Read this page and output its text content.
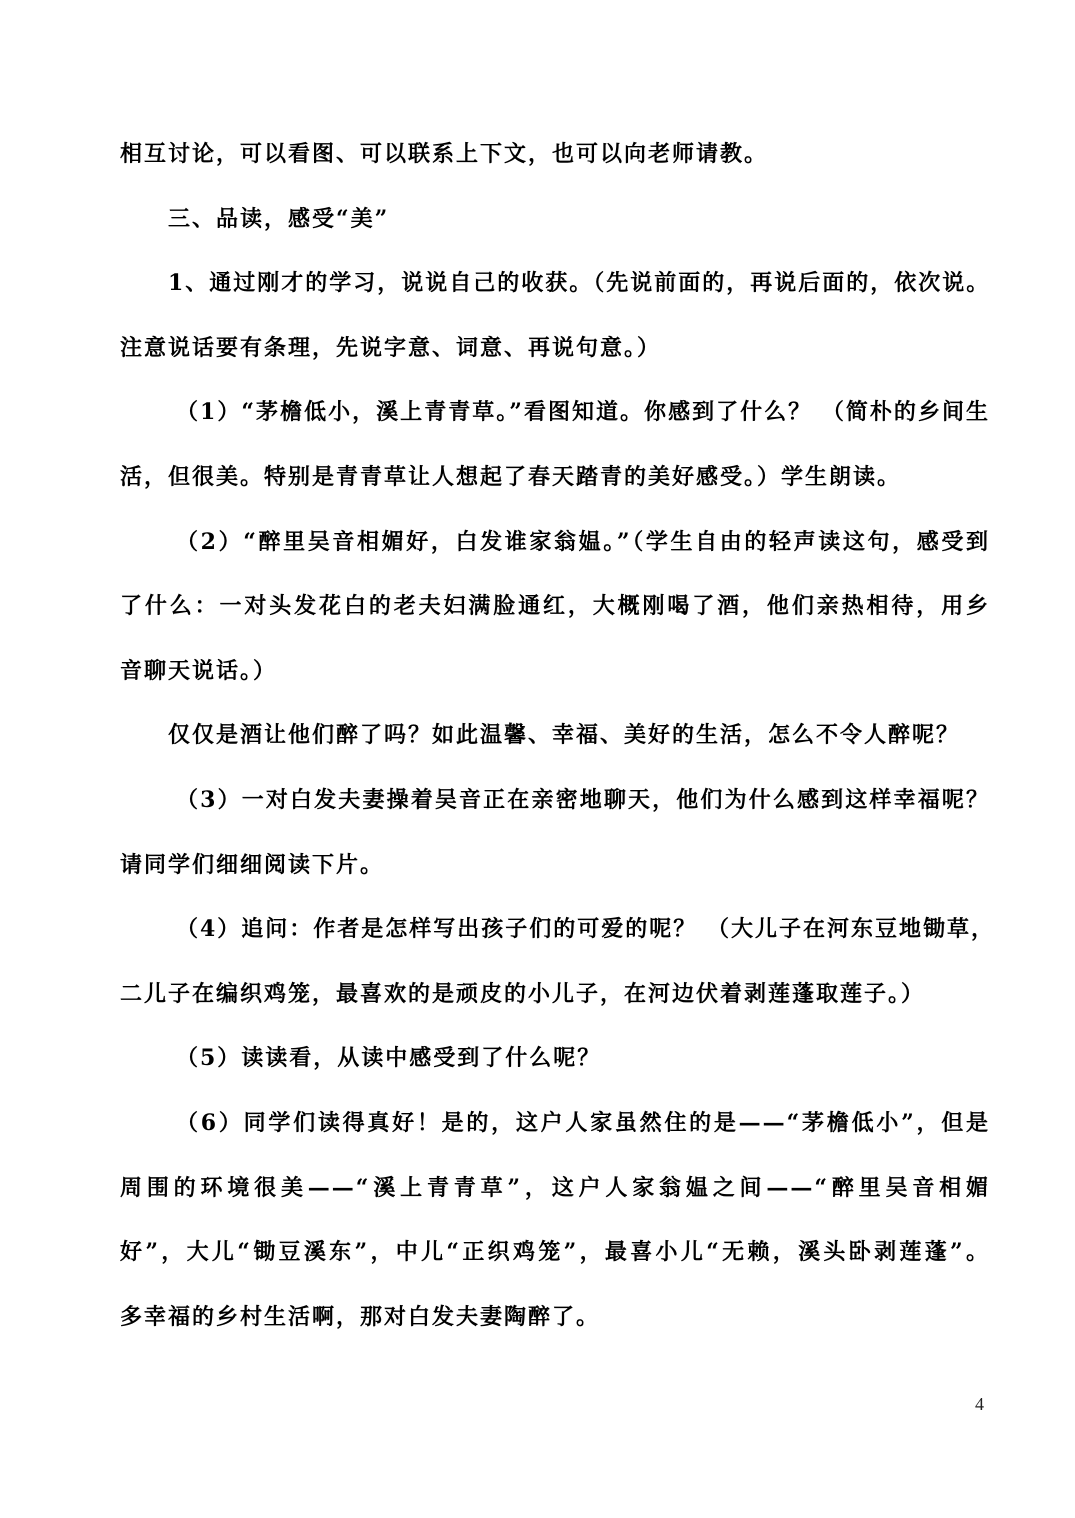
相互讨论，可以看图、可以联系上下文，也可以向老师请教。
三、品读，感受“美”
1、通过刚才的学习，说说自己的收获。（先说前面的，再说后面的，依次说。
注意说话要有条理，先说字意、词意、再说句意。）
（1）“茅檐低小，溪上青青草。”看图知道。你感到了什么？ （简朴的乡间生
活，但很美。特别是青青草让人想起了春天踏青的美好感受。）学生朗读。
（2）“醉里吴音相媚好，白发谁家翁媪。”（学生自由的轻声读这句，感受到
了什么：一对头发花白的老夫妇满脸通红，大概刚喝了酒，他们亲热相待，用乡
音聊天说话。）
仅仅是酒让他们醉了吗？如此温馨、幸福、美好的生活，怎么不令人醉呢？
（3）一对白发夫妻操着吴音正在亲密地聊天，他们为什么感到这样幸福呢？
请同学们细细阅读下片。
（4）追问：作者是怎样写出孩子们的可爱的呢？ （大儿子在河东豆地锄草，
二儿子在编织鸡笼，最喜欢的是顽皮的小儿子，在河边伏着剥莲蓬取莲子。）
（5）读读看，从读中感受到了什么呢？
（6）同学们读得真好！是的，这户人家虽然住的是——“茅檐低小”，但是
周围的环境很美——“溪上青青草”，这户人家翁媪之间——“醉里吴音相媚
好”，大儿“锄豆溪东”，中儿“正织鸡笼”，最喜小儿“无赖，溪头卧剥莲蓬”。
多幸福的乡村生活啊，那对白发夫妻陶醉了。
4
